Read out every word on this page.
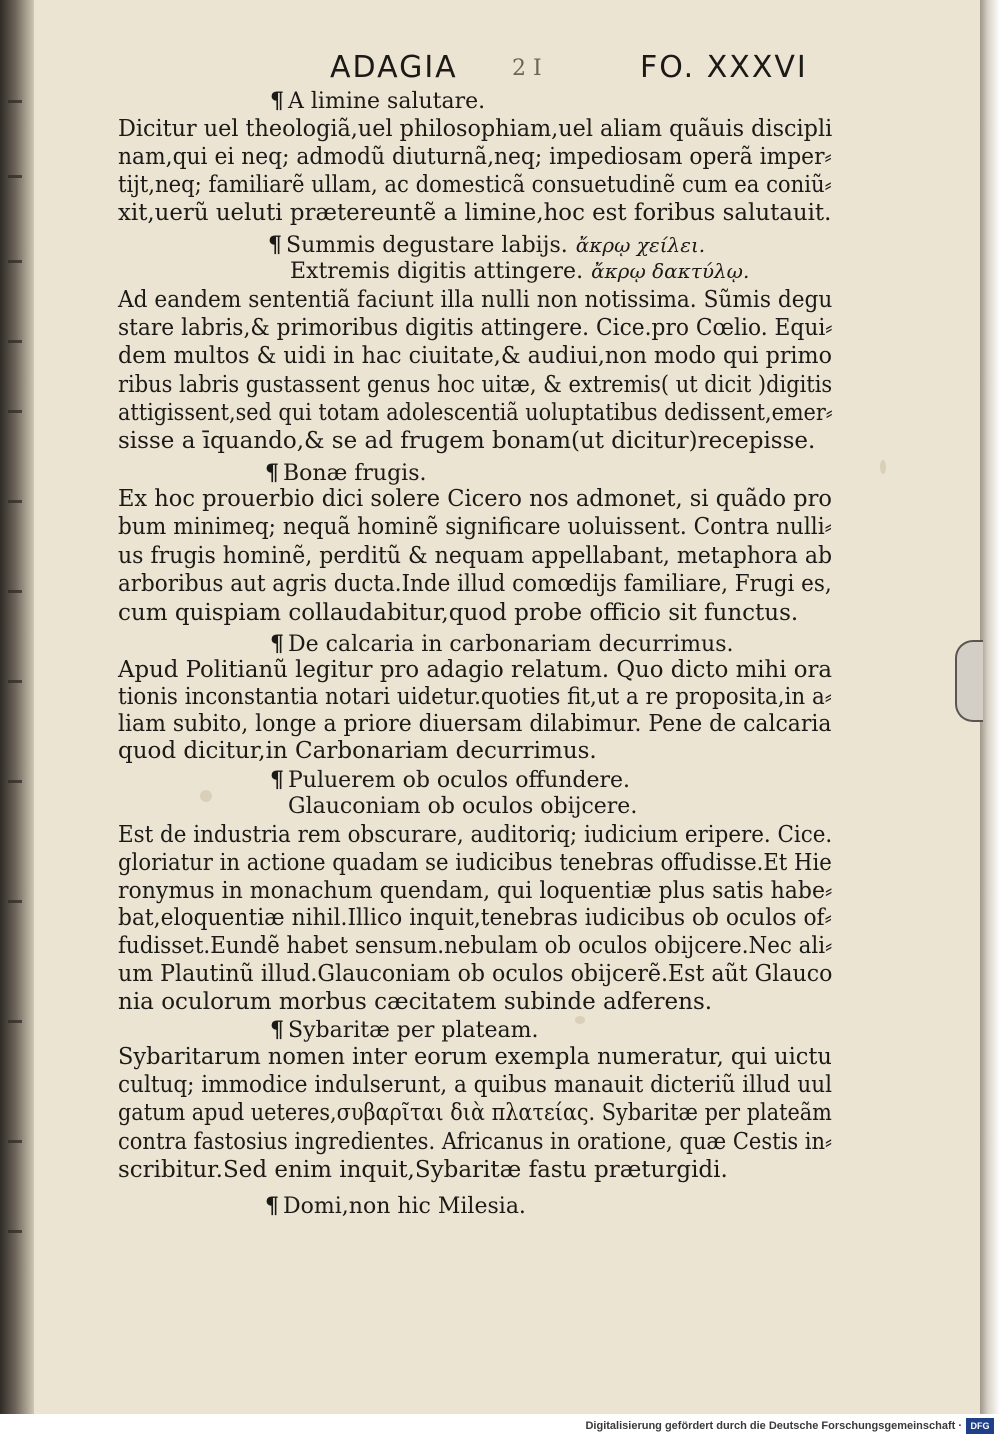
ADAGIA 2 I	FO. XXXVI
¶ A limine salutare.
Dicitur uel theologiã,uel philosophiam,uel aliam quãuis discipli
nam,qui ei neq; admodũ diuturnã,neq; impediosam operã imper⸗
tijt,neq; familiarẽ ullam, ac domesticã consuetudinẽ cum ea coniũ⸗
xit,uerũ ueluti prætereuntẽ a limine,hoc est foribus salutauit.
¶ Summis degustare labijs. ἄκρῳ χείλει.
Extremis digitis attingere. ἄκρῳ δακτύλῳ.
Ad eandem sententiã faciunt illa nulli non notissima. Sũmis degu
stare labris,& primoribus digitis attingere. Cice.pro Cœlio. Equi⸗
dem multos & uidi in hac ciuitate,& audiui,non modo qui primo
ribus labris gustassent genus hoc uitæ, & extremis( ut dicit )digitis
attigissent,sed qui totam adolescentiã uoluptatibus dedissent,emer⸗
sisse a īquando,& se ad frugem bonam(ut dicitur)recepisse.
¶ Bonæ frugis.
Ex hoc prouerbio dici solere Cicero nos admonet, si quãdo pro
bum minimeq; nequã hominẽ significare uoluissent. Contra nulli⸗
us frugis hominẽ, perditũ & nequam appellabant, metaphora ab
arboribus aut agris ducta.Inde illud comœdijs familiare, Frugi es,
cum quispiam collaudabitur,quod probe officio sit functus.
¶ De calcaria in carbonariam decurrimus.
Apud Politianũ legitur pro adagio relatum. Quo dicto mihi ora
tionis inconstantia notari uidetur.quoties fit,ut a re proposita,in a⸗
liam subito, longe a priore diuersam dilabimur. Pene de calcaria
quod dicitur,in Carbonariam decurrimus.
¶ Puluerem ob oculos offundere.
Glauconiam ob oculos obijcere.
Est de industria rem obscurare, auditoriq; iudicium eripere. Cice.
gloriatur in actione quadam se iudicibus tenebras offudisse.Et Hie
ronymus in monachum quendam, qui loquentiæ plus satis habe⸗
bat,eloquentiæ nihil.Illico inquit,tenebras iudicibus ob oculos of⸗
fudisset.Eundẽ habet sensum.nebulam ob oculos obijcere.Nec ali⸗
um Plautinũ illud.Glauconiam ob oculos obijcerẽ.Est aũt Glauco
nia oculorum morbus cæcitatem subinde adferens.
¶ Sybaritæ per plateam.
Sybaritarum nomen inter eorum exempla numeratur, qui uictu
cultuq; immodice indulserunt, a quibus manauit dicteriũ illud uul
gatum apud ueteres,συβαρῖται διὰ πλατείας. Sybaritæ per plateãm
contra fastosius ingredientes. Africanus in oratione, quæ Cestis in⸗
scribitur.Sed enim inquit,Sybaritæ fastu præturgidi.
¶ Domi,non hic Milesia.
Digitalisierung gefördert durch die Deutsche Forschungsgemeinschaft · DFG
